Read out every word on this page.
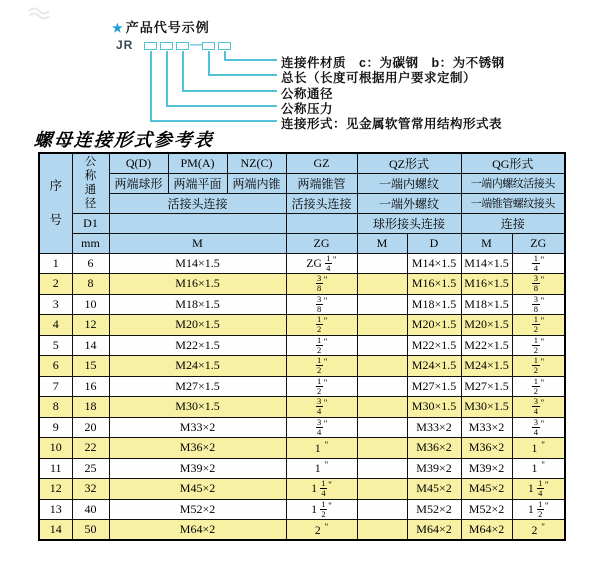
★ 产品代号示例
JR	—
连接件材质　c：为碳钢　b：为不锈钢
总长（长度可根据用户要求定制）
公称通径
公称压力
连接形式：见金属软管常用结构形式表
螺母连接形式参考表
序号	公称通径	Q(D)	PM(A)	NZ(C)	GZ	QZ形式		QG形式	
		两端球形	两端平面	两端内锥	两端锥管	一端内螺纹		一端内螺纹活接头	
		活接头连接			活接头连接	一端外螺纹		一端锥管螺纹接头	
	D1					球形接头连接		连接	
	mm	M			ZG	M	D	M	ZG
1	6	M14×1.5			ZG $\frac{1}{4} ^"$		M14×1.5	M14×1.5	$\frac{1}{4} ^"$
2	8	M16×1.5			$\frac{3}{8} ^"$		M16×1.5	M16×1.5	$\frac{3}{8} ^"$
3	10	M18×1.5			$\frac{3}{8} ^"$		M18×1.5	M18×1.5	$\frac{3}{8} ^"$
4	12	M20×1.5			$\frac{1}{2} ^"$		M20×1.5	M20×1.5	$\frac{1}{2} ^"$
5	14	M22×1.5			$\frac{1}{2} ^"$		M22×1.5	M22×1.5	$\frac{1}{2} ^"$
6	15	M24×1.5			$\frac{1}{2} ^"$		M24×1.5	M24×1.5	$\frac{1}{2} ^"$
7	16	M27×1.5			$\frac{1}{2} ^"$		M27×1.5	M27×1.5	$\frac{1}{2} ^"$
8	18	M30×1.5			$\frac{3}{4} ^"$		M30×1.5	M30×1.5	$\frac{3}{4} ^"$
9	20	M33×2			$\frac{3}{4} ^"$		M33×2	M33×2	$\frac{3}{4} ^"$
10	22	M36×2			1 "		M36×2	M36×2	1 "
11	25	M39×2			1 "		M39×2	M39×2	1 "
12	32	M45×2			$1 \frac{1}{4} ^"$		M45×2	M45×2	$1 \frac{1}{4} ^"$
13	40	M52×2			$1 \frac{1}{2} ^"$		M52×2	M52×2	$1 \frac{1}{2} ^"$
14	50	M64×2			2 "		M64×2	M64×2	2 "
